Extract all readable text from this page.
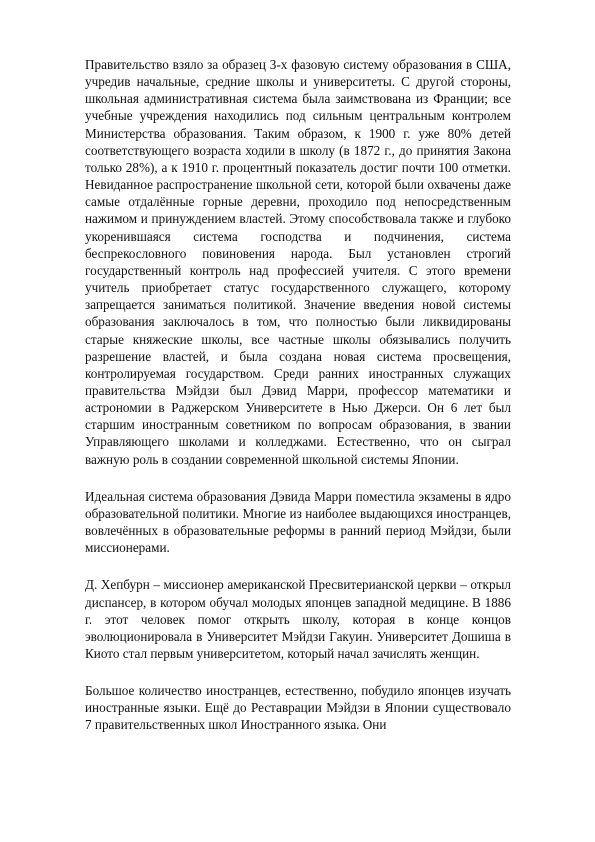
Правительство взяло за образец 3-х фазовую систему образования в США, учредив начальные, средние школы и университеты. С другой стороны, школьная административная система была заимствована из Франции; все учебные учреждения находились под сильным центральным контролем Министерства образования. Таким образом, к 1900 г. уже 80% детей соответствующего возраста ходили в школу (в 1872 г., до принятия Закона только 28%), а к 1910 г. процентный показатель достиг почти 100 отметки. Невиданное распространение школьной сети, которой были охвачены даже самые отдалённые горные деревни, проходило под непосредственным нажимом и принуждением властей. Этому способствовала также и глубоко укоренившаяся система господства и подчинения, система беспрекословного повиновения народа. Был установлен строгий государственный контроль над профессией учителя. С этого времени учитель приобретает статус государственного служащего, которому запрещается заниматься политикой. Значение введения новой системы образования заключалось в том, что полностью были ликвидированы старые княжеские школы, все частные школы обязывались получить разрешение властей, и была создана новая система просвещения, контролируемая государством. Среди ранних иностранных служащих правительства Мэйдзи был Дэвид Марри, профессор математики и астрономии в Раджерском Университете в Нью Джерси. Он 6 лет был старшим иностранным советником по вопросам образования, в звании Управляющего школами и колледжами. Естественно, что он сыграл важную роль в создании современной школьной системы Японии.

Идеальная система образования Дэвида Марри поместила экзамены в ядро образовательной политики. Многие из наиболее выдающихся иностранцев, вовлечённых в образовательные реформы в ранний период Мэйдзи, были миссионерами.

Д. Хепбурн – миссионер американской Пресвитерианской церкви – открыл диспансер, в котором обучал молодых японцев западной медицине. В 1886 г. этот человек помог открыть школу, которая в конце концов эволюционировала в Университет Мэйдзи Гакуин. Университет Дошиша в Киото стал первым университетом, который начал зачислять женщин.

Большое количество иностранцев, естественно, побудило японцев изучать иностранные языки. Ещё до Реставрации Мэйдзи в Японии существовало 7 правительственных школ Иностранного языка. Они
